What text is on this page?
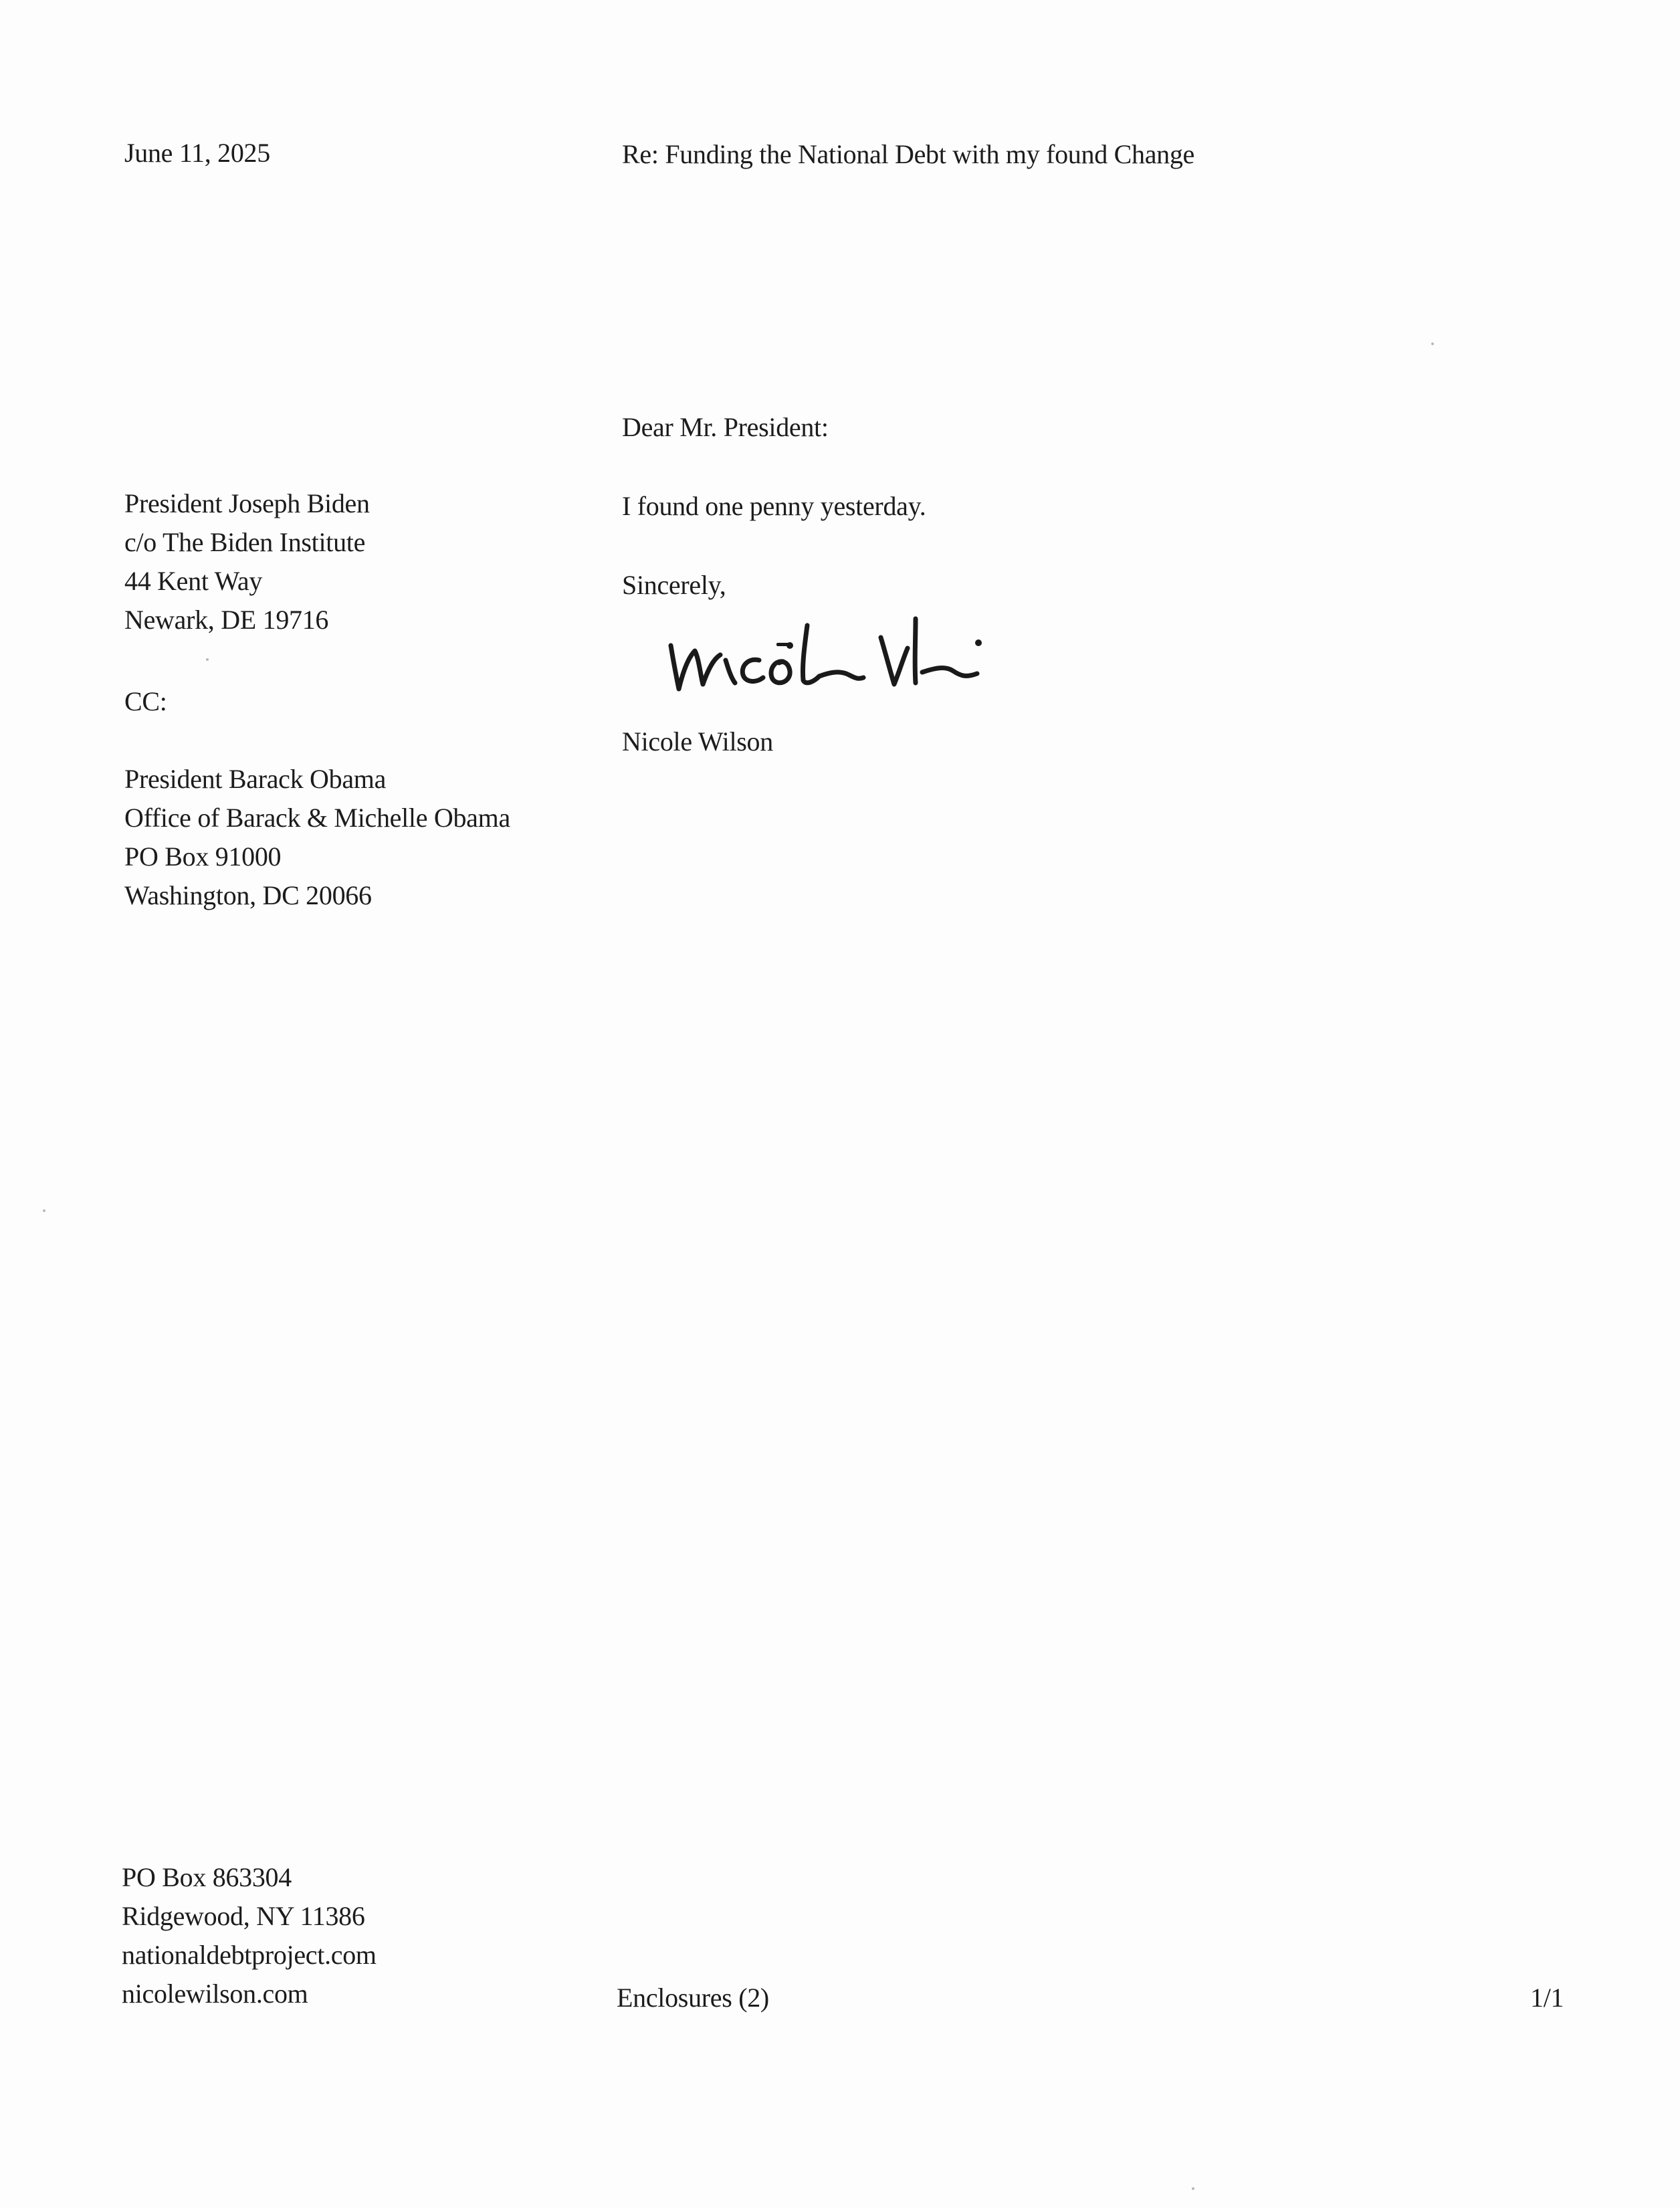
June 11, 2025	Re: Funding the National Debt with my found Change
Dear Mr. President:
President Joseph Biden
c/o The Biden Institute
44 Kent Way
Newark, DE 19716
I found one penny yesterday.
Sincerely,
Nicole Wilson
CC:
President Barack Obama
Office of Barack & Michelle Obama
PO Box 91000
Washington, DC 20066
PO Box 863304
Ridgewood, NY 11386
nationaldebtproject.com
nicolewilson.com	Enclosures (2)	1/1
